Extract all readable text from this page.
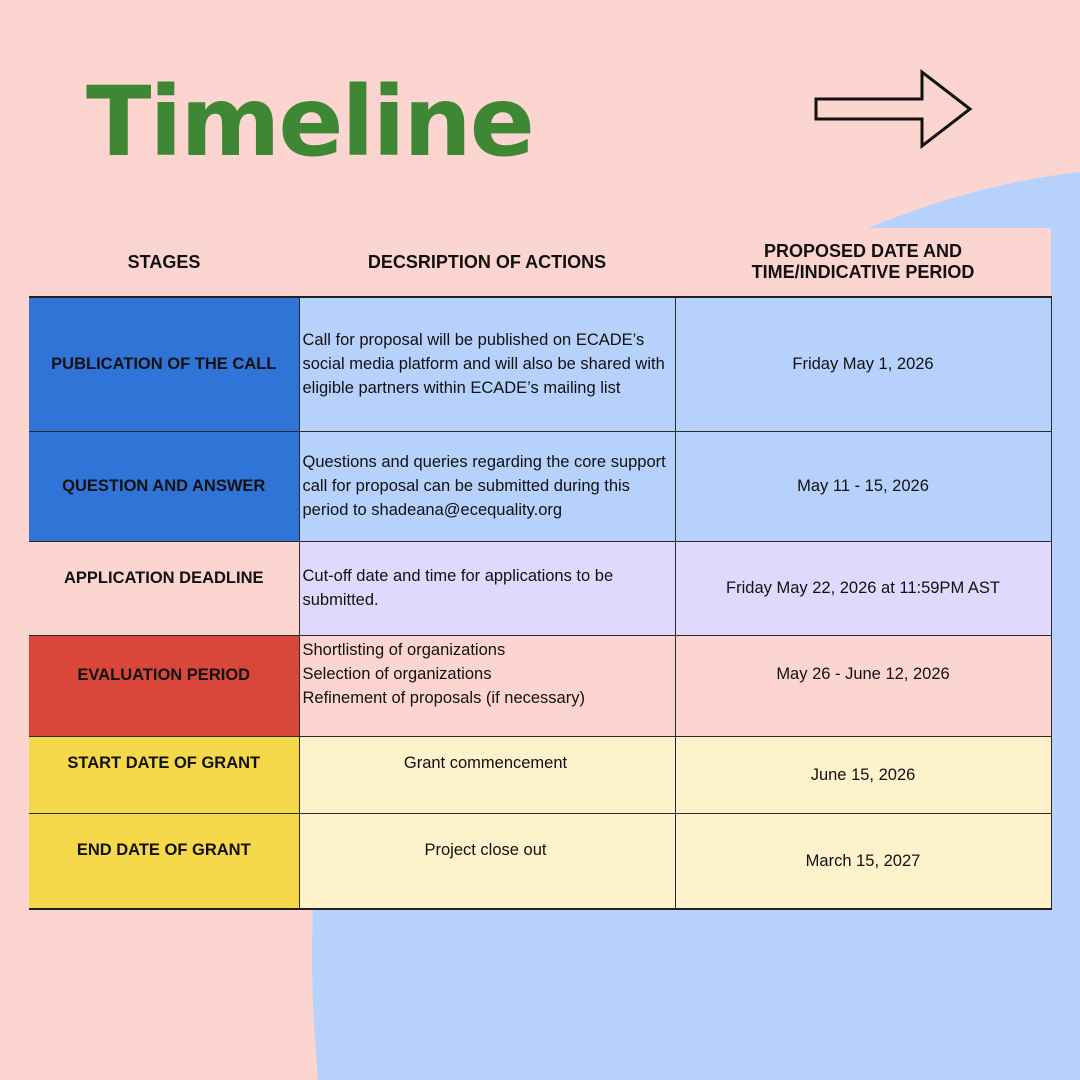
Timeline
STAGES	DECSRIPTION OF ACTIONS	PROPOSED DATE AND
TIME/INDICATIVE PERIOD
PUBLICATION OF THE CALL	Call for proposal will be published on ECADE’s social media platform and will also be shared with eligible partners within ECADE’s mailing list	Friday May 1, 2026
QUESTION AND ANSWER	Questions and queries regarding the core support call for proposal can be submitted during this period to shadeana@ecequality.org	May 11 - 15, 2026
APPLICATION DEADLINE	Cut-off date and time for applications to be submitted.	Friday May 22, 2026 at 11:59PM AST
EVALUATION PERIOD	Shortlisting of organizations
Selection of organizations
Refinement of proposals (if necessary)	May 26 - June 12, 2026
START DATE OF GRANT	Grant commencement	June 15, 2026
END DATE OF GRANT	Project close out	March 15, 2027
